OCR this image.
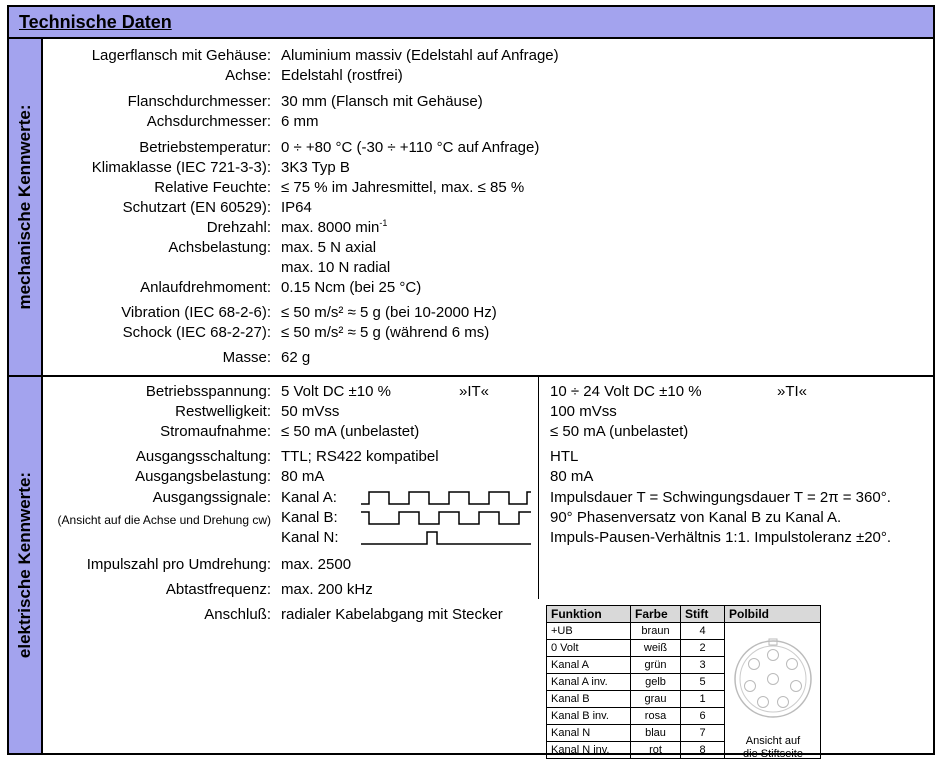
Technische Daten
mechanische Kennwerte:
elektrische Kennwerte:
Lagerflansch mit Gehäuse: Aluminium massiv (Edelstahl auf Anfrage)
Achse: Edelstahl (rostfrei)
Flanschdurchmesser: 30 mm (Flansch mit Gehäuse)
Achsdurchmesser: 6 mm
Betriebstemperatur: 0 ÷ +80 °C (-30 ÷ +110 °C auf Anfrage)
Klimaklasse (IEC 721-3-3): 3K3 Typ B
Relative Feuchte: ≤ 75 % im Jahresmittel, max. ≤ 85 %
Schutzart (EN 60529): IP64
Drehzahl: max. 8000 $\min^{-1}$
Achsbelastung: max. 5 N axial
max. 10 N radial
Anlaufdrehmoment: 0.15 Ncm (bei 25 °C)
Vibration (IEC 68-2-6): ≤ 50 m/s² ≈ 5 g (bei 10-2000 Hz)
Schock (IEC 68-2-27): ≤ 50 m/s² ≈ 5 g (während 6 ms)
Masse: 62 g
Betriebsspannung: 5 Volt DC ±10 %	»IT«	10 ÷ 24 Volt DC ±10 %	»TI«
Restwelligkeit: 50 mVss	100 mVss
Stromaufnahme: ≤ 50 mA (unbelastet)	≤ 50 mA (unbelastet)
Ausgangsschaltung: TTL; RS422 kompatibel	HTL
Ausgangsbelastung: 80 mA	80 mA
Ausgangssignale:
(Ansicht auf die Achse und Drehung cw)
Kanal A:
Kanal B:
Kanal N:
Impulsdauer T = Schwingungsdauer T = 2π = 360°.
90° Phasenversatz von Kanal B zu Kanal A.
Impuls-Pausen-Verhältnis 1:1. Impulstoleranz ±20°.
Impulszahl pro Umdrehung: max. 2500
Abtastfrequenz: max. 200 kHz
Anschluß: radialer Kabelabgang mit Stecker	Funktion	Farbe	Stift	Polbild
+UB	braun	4	Ansicht auf
die Stiftseite

0 Volt	weiß	2	
Kanal A	grün	3	
Kanal A inv.	gelb	5	
Kanal B	grau	1	
Kanal B inv.	rosa	6	
Kanal N	blau	7	
Kanal N inv.	rot	8	
